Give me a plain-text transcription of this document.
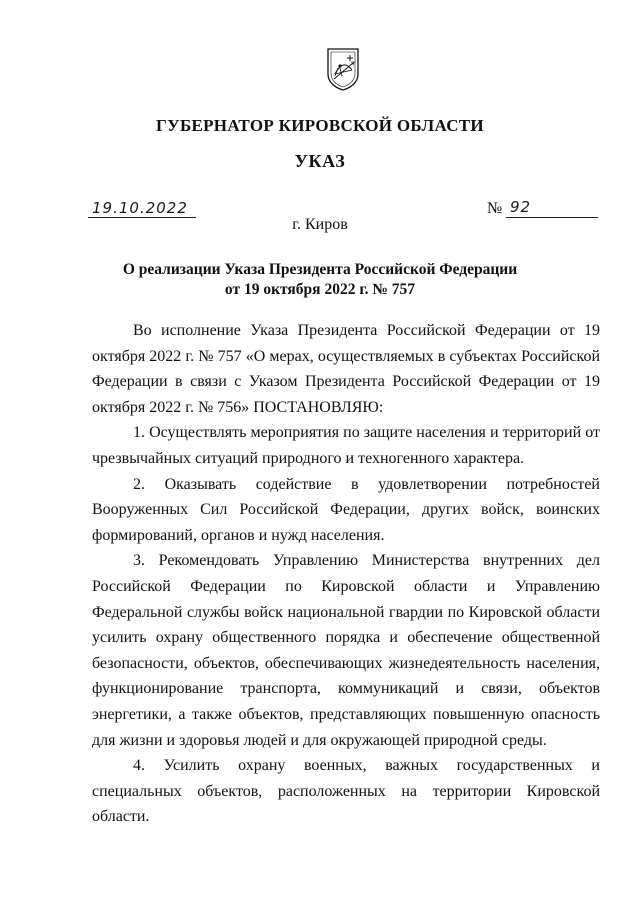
ГУБЕРНАТОР КИРОВСКОЙ ОБЛАСТИ
УКАЗ
19.10.2022	№ 92
г. Киров
О реализации Указа Президента Российской Федерации
от 19 октября 2022 г. № 757

Во исполнение Указа Президента Российской Федерации от 19 октября 2022 г. № 757 «О мерах, осуществляемых в субъектах Российской Федерации в связи с Указом Президента Российской Федерации от 19 октября 2022 г. № 756» ПОСТАНОВЛЯЮ:

1. Осуществлять мероприятия по защите населения и территорий от чрезвычайных ситуаций природного и техногенного характера.

2. Оказывать содействие в удовлетворении потребностей Вооруженных Сил Российской Федерации, других войск, воинских формирований, органов и нужд населения.

3. Рекомендовать Управлению Министерства внутренних дел Российской Федерации по Кировской области и Управлению Федеральной службы войск национальной гвардии по Кировской области усилить охрану общественного порядка и обеспечение общественной безопасности, объектов, обеспечивающих жизнедеятельность населения, функционирование транспорта, коммуникаций и связи, объектов энергетики, а также объектов, представляющих повышенную опасность для жизни и здоровья людей и для окружающей природной среды.

4. Усилить охрану военных, важных государственных и специальных объектов, расположенных на территории Кировской области.
